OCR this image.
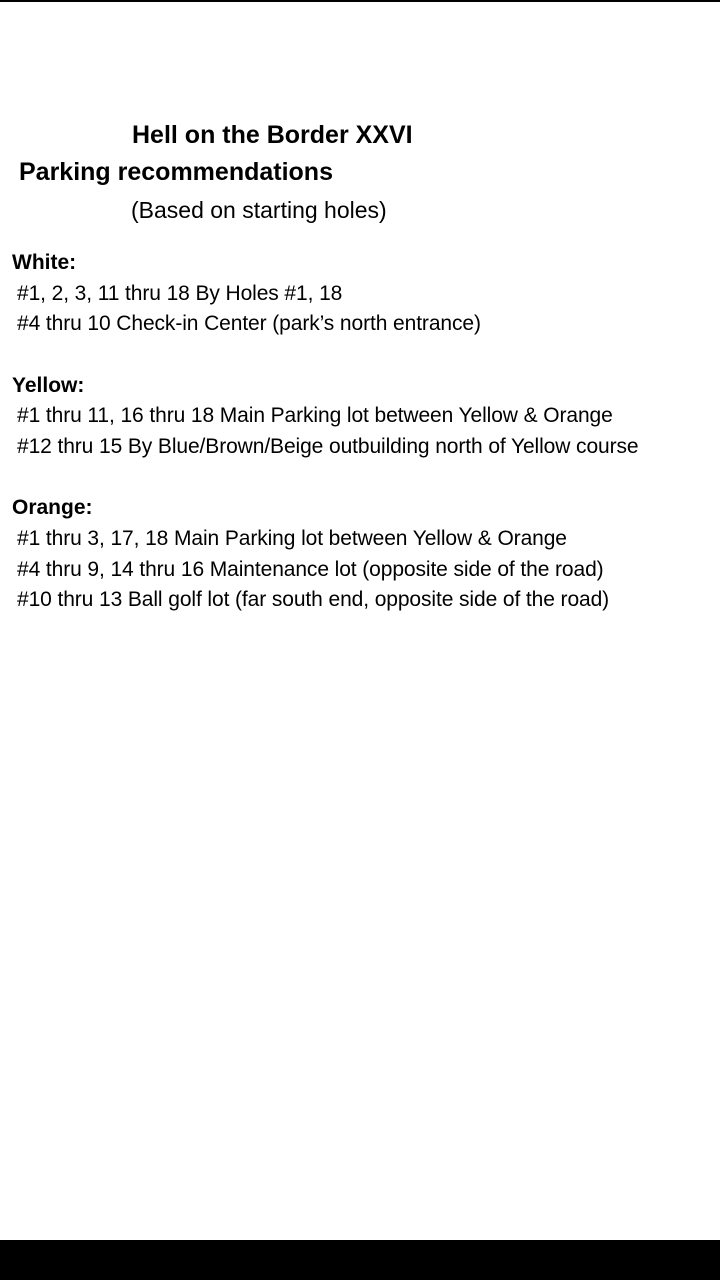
Hell on the Border XXVI
Parking recommendations
(Based on starting holes)
White:
#1, 2, 3, 11 thru 18 By Holes #1, 18
#4 thru 10 Check-in Center (park’s north entrance)
Yellow:
#1 thru 11, 16 thru 18 Main Parking lot between Yellow & Orange
#12 thru 15 By Blue/Brown/Beige outbuilding north of Yellow course
Orange:
#1 thru 3, 17, 18 Main Parking lot between Yellow & Orange
#4 thru 9, 14 thru 16 Maintenance lot (opposite side of the road)
#10 thru 13 Ball golf lot (far south end, opposite side of the road)
